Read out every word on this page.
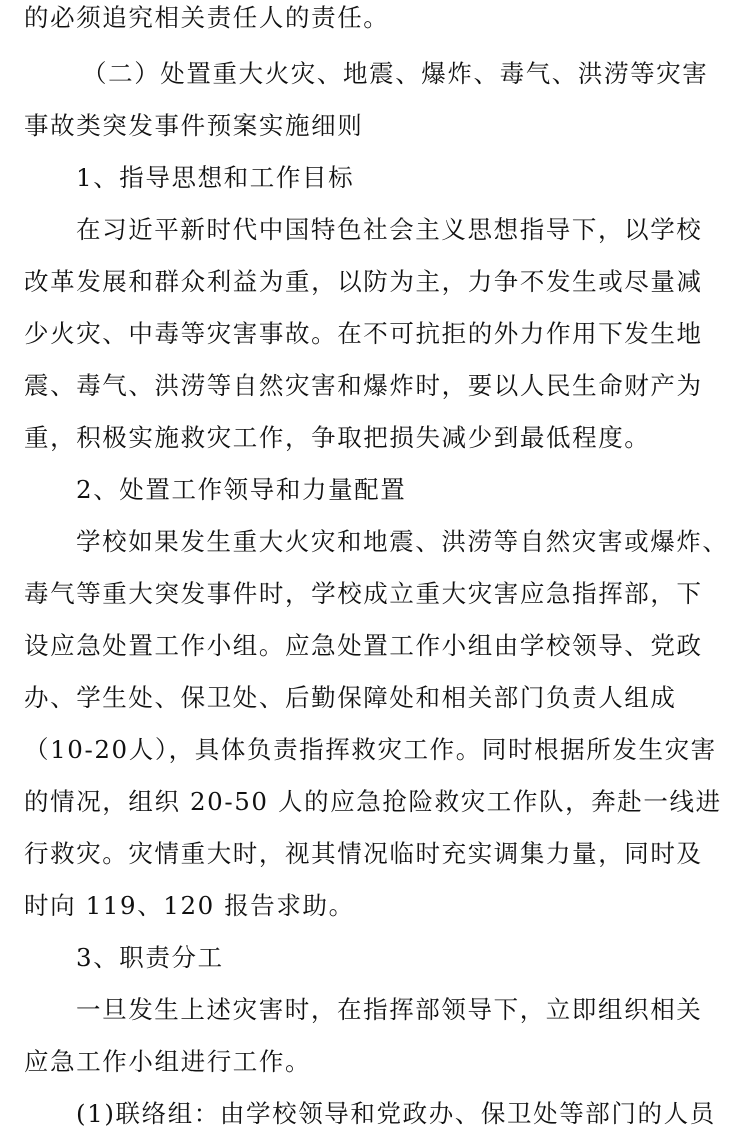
的必须追究相关责任人的责任。
（二）处置重大火灾、地震、爆炸、毒气、洪涝等灾害
事故类突发事件预案实施细则
1、指导思想和工作目标
在习近平新时代中国特色社会主义思想指导下，以学校
改革发展和群众利益为重，以防为主，力争不发生或尽量减
少火灾、中毒等灾害事故。在不可抗拒的外力作用下发生地
震、毒气、洪涝等自然灾害和爆炸时，要以人民生命财产为
重，积极实施救灾工作，争取把损失减少到最低程度。
2、处置工作领导和力量配置
学校如果发生重大火灾和地震、洪涝等自然灾害或爆炸、
毒气等重大突发事件时，学校成立重大灾害应急指挥部，下
设应急处置工作小组。应急处置工作小组由学校领导、党政
办、学生处、保卫处、后勤保障处和相关部门负责人组成
（10-20人），具体负责指挥救灾工作。同时根据所发生灾害
的情况，组织 20-50 人的应急抢险救灾工作队，奔赴一线进
行救灾。灾情重大时，视其情况临时充实调集力量，同时及
时向 119、120 报告求助。
3、职责分工
一旦发生上述灾害时，在指挥部领导下，立即组织相关
应急工作小组进行工作。
(1)联络组：由学校领导和党政办、保卫处等部门的人员
